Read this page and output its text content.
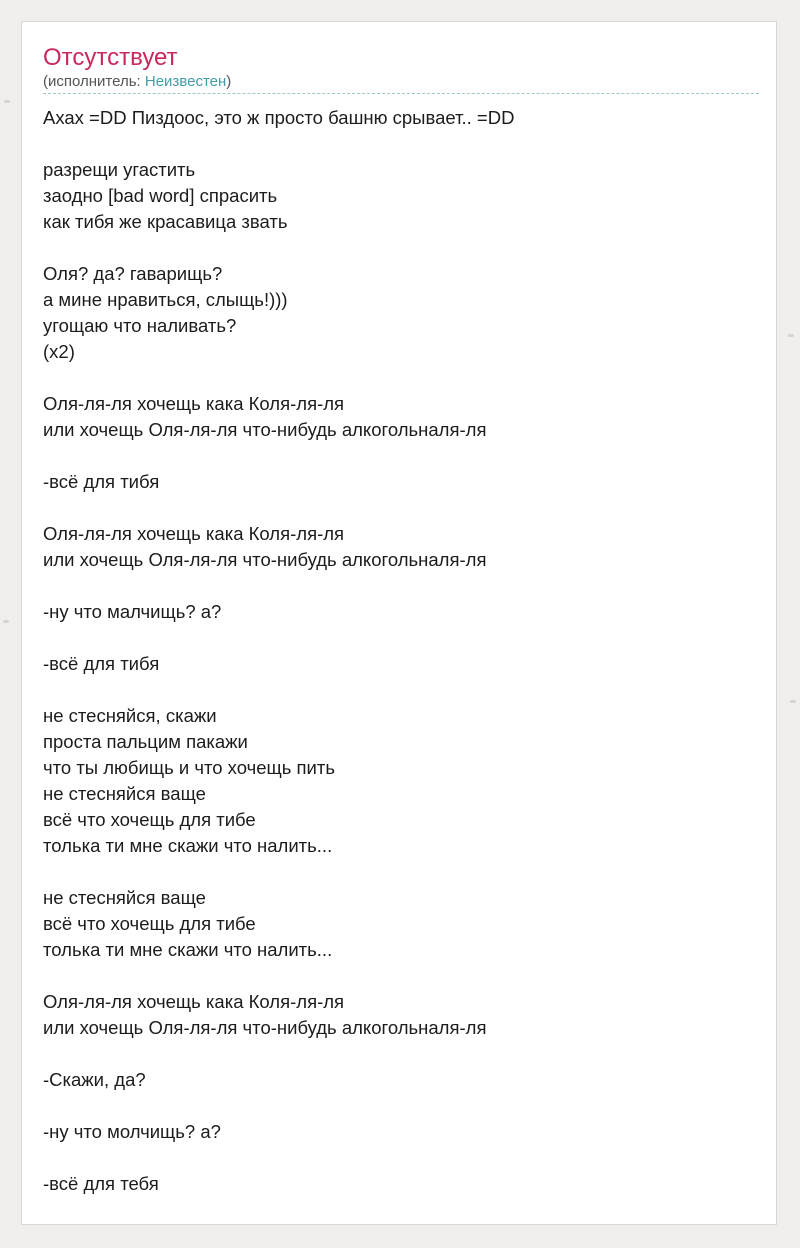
Отсутствует
(исполнитель: Неизвестен)
Ахах =DD Пиздоос, это ж просто башню срывает.. =DD
разрещи угастить
заодно [bad word] спрасить
как тибя же красавица звать
Оля? да? гаварищь?
а мине нравиться, слыщь!)))
угощаю что наливать?
(x2)
Оля-ля-ля хочещь кака Коля-ля-ля
или хочещь Оля-ля-ля что-нибудь алкогольналя-ля
-всё для тибя
Оля-ля-ля хочещь кака Коля-ля-ля
или хочещь Оля-ля-ля что-нибудь алкогольналя-ля
-ну что малчищь? а?
-всё для тибя
не стесняйся, скажи
проста пальцим пакажи
что ты любищь и что хочещь пить
не стесняйся ваще
всё что хочещь для тибе
толька ти мне скажи что налить...
не стесняйся ваще
всё что хочещь для тибе
толька ти мне скажи что налить...
Оля-ля-ля хочещь кака Коля-ля-ля
или хочещь Оля-ля-ля что-нибудь алкогольналя-ля
-Скажи, да?
-ну что молчищь? а?
-всё для тебя
